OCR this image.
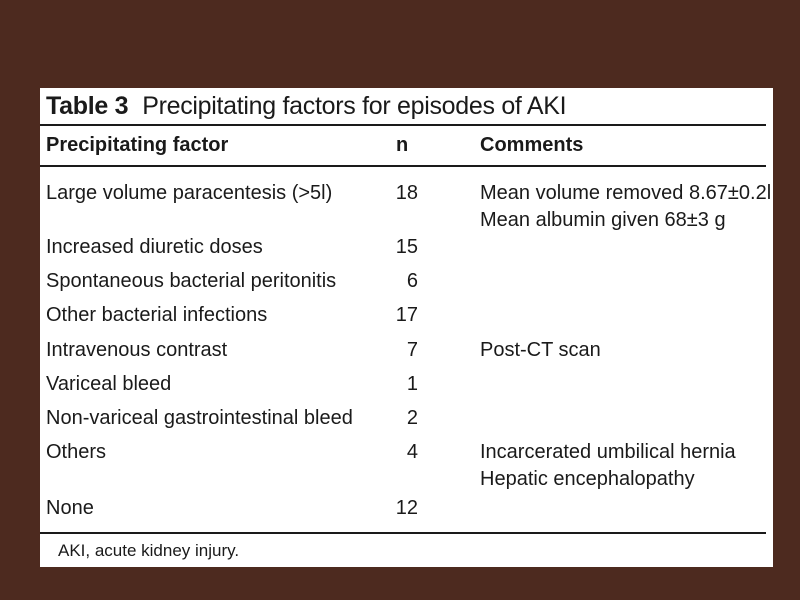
Table 3 Precipitating factors for episodes of AKI
Precipitating factor	n	Comments
Large volume paracentesis (>5l)	18	Mean volume removed 8.67±0.2l
Mean albumin given 68±3 g
Increased diuretic doses	15
Spontaneous bacterial peritonitis	6
Other bacterial infections	17
Intravenous contrast	7	Post-CT scan
Variceal bleed	1
Non-variceal gastrointestinal bleed	2
Others	4	Incarcerated umbilical hernia
Hepatic encephalopathy
None	12
AKI, acute kidney injury.
